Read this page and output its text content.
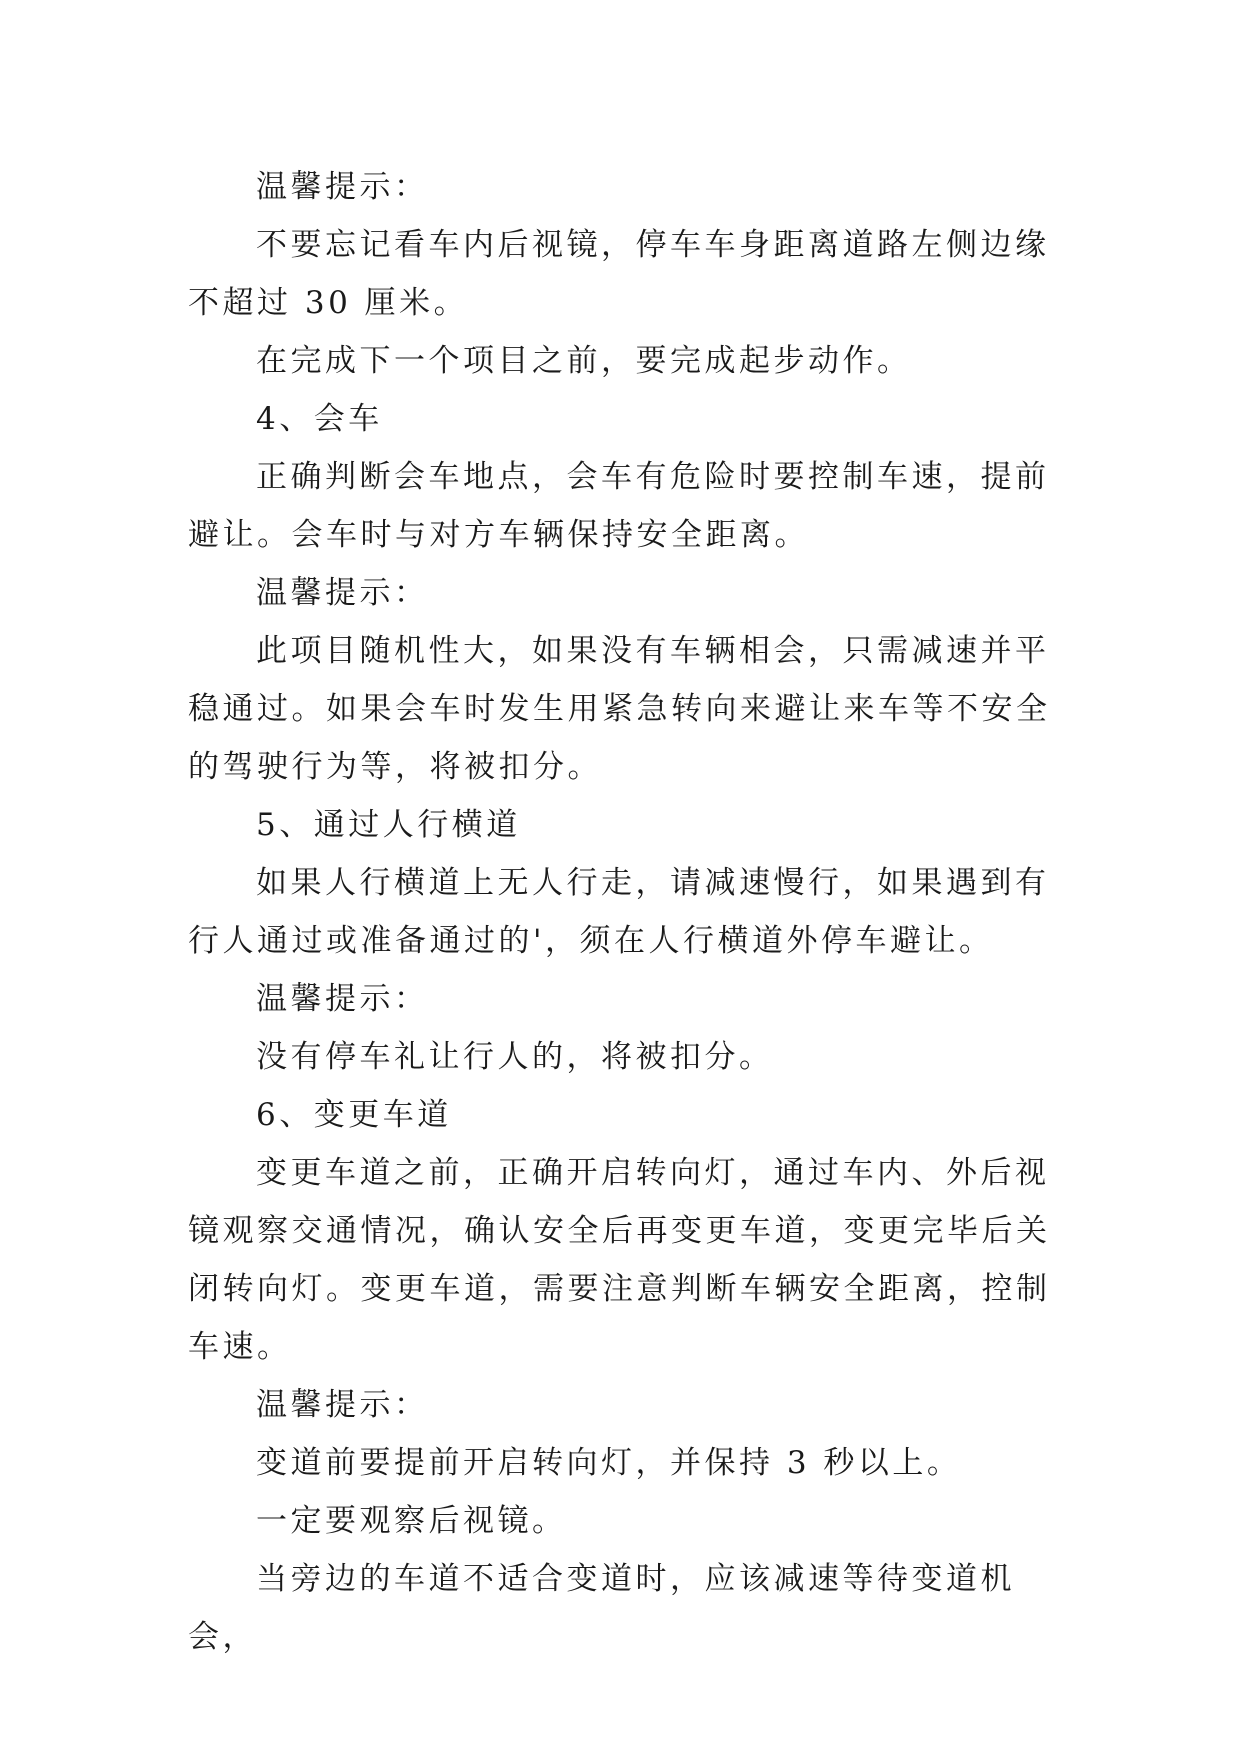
温馨提示：

不要忘记看车内后视镜，停车车身距离道路左侧边缘不超过 30 厘米。

在完成下一个项目之前，要完成起步动作。

4、会车

正确判断会车地点，会车有危险时要控制车速，提前避让。会车时与对方车辆保持安全距离。

温馨提示：

此项目随机性大，如果没有车辆相会，只需减速并平稳通过。如果会车时发生用紧急转向来避让来车等不安全的驾驶行为等，将被扣分。

5、通过人行横道

如果人行横道上无人行走，请减速慢行，如果遇到有行人通过或准备通过的'，须在人行横道外停车避让。

温馨提示：

没有停车礼让行人的，将被扣分。

6、变更车道

变更车道之前，正确开启转向灯，通过车内、外后视镜观察交通情况，确认安全后再变更车道，变更完毕后关闭转向灯。变更车道，需要注意判断车辆安全距离，控制车速。

温馨提示：

变道前要提前开启转向灯，并保持 3 秒以上。

一定要观察后视镜。

当旁边的车道不适合变道时，应该减速等待变道机会，
